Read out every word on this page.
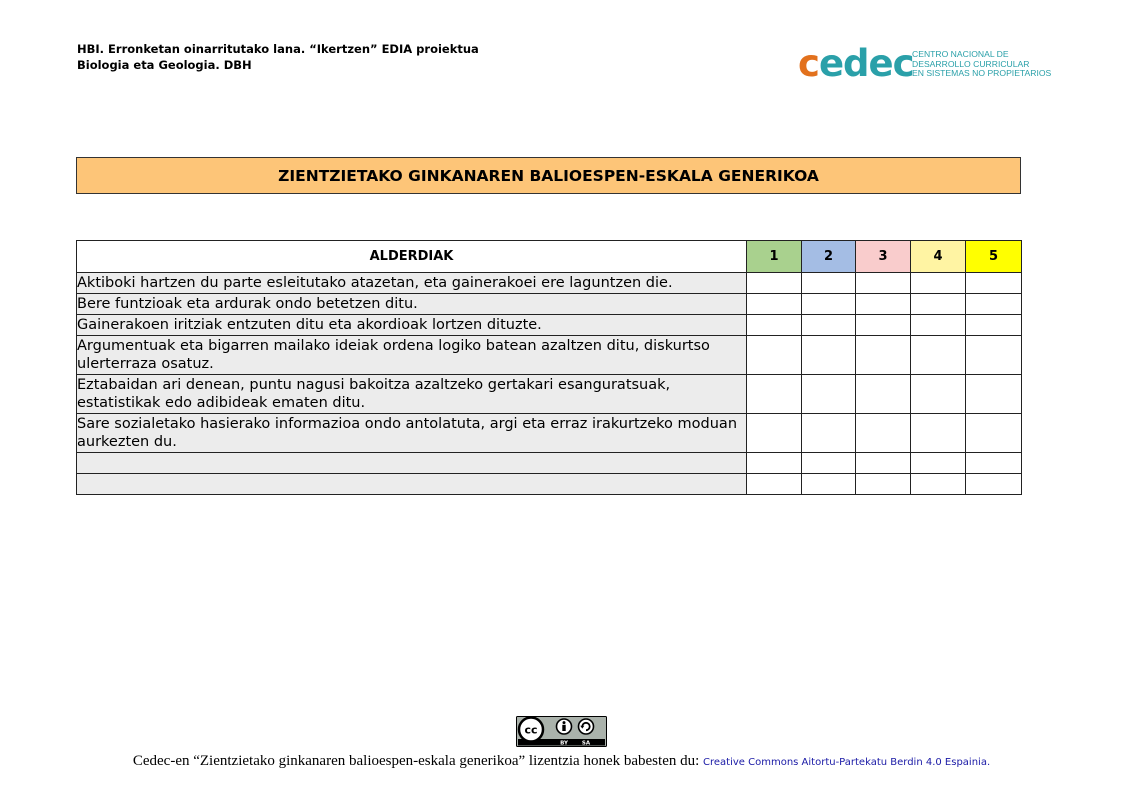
HBI. Erronketan oinarritutako lana. “Ikertzen” EDIA proiektua
Biologia eta Geologia. DBH	cedec
CENTRO NACIONAL DE
DESARROLLO CURRICULAR
EN SISTEMAS NO PROPIETARIOS
ZIENTZIETAKO GINKANAREN BALIOESPEN-ESKALA GENERIKOA
ALDERDIAK	1	2	3	4	5
Aktiboki hartzen du parte esleitutako atazetan, eta gainerakoei ere laguntzen die.					
Bere funtzioak eta ardurak ondo betetzen ditu.					
Gainerakoen iritziak entzuten ditu eta akordioak lortzen dituzte.					
Argumentuak eta bigarren mailako ideiak ordena logiko batean azaltzen ditu, diskurtso ulerterraza osatuz.					
Eztabaidan ari denean, puntu nagusi bakoitza azaltzeko gertakari esanguratsuak, estatistikak edo adibideak ematen ditu.					
Sare sozialetako hasierako informazioa ondo antolatuta, argi eta erraz irakurtzeko moduan aurkezten du.					

cc
BY	SA
Cedec-en “Zientzietako ginkanaren balioespen-eskala generikoa” lizentzia honek babesten du: Creative Commons Aitortu-Partekatu Berdin 4.0 Espainia.
